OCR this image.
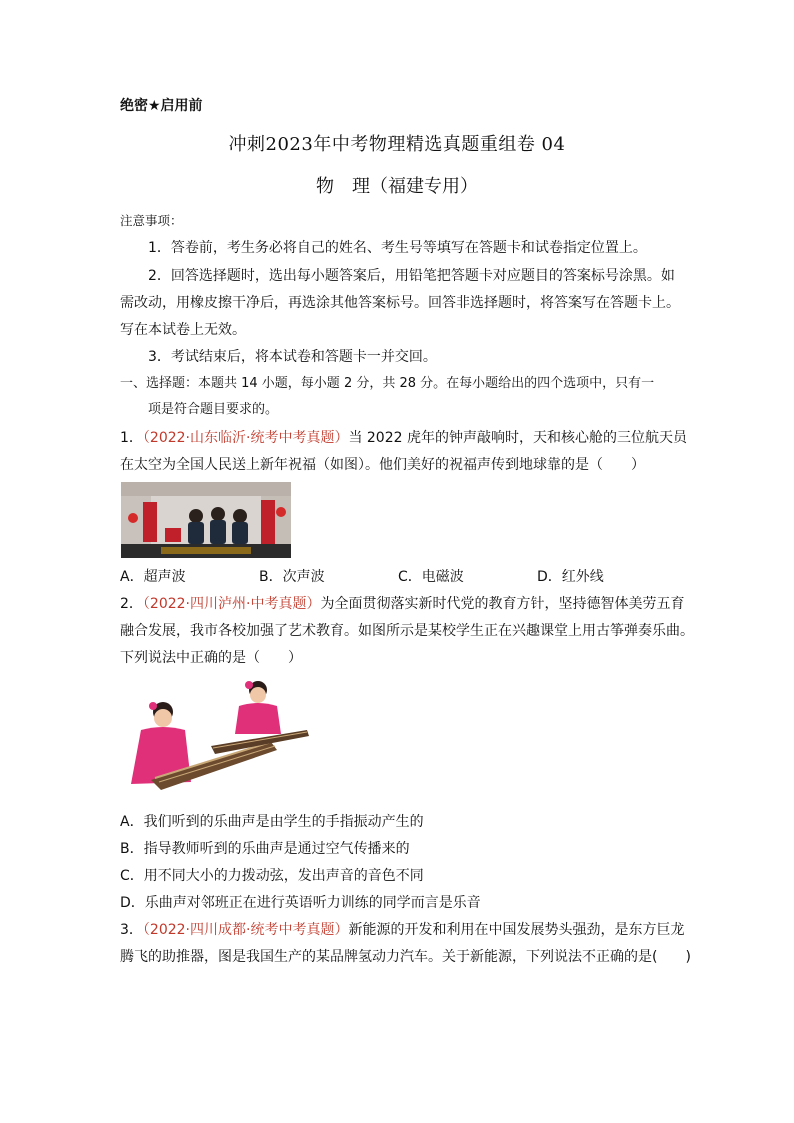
绝密★启用前
冲刺2023年中考物理精选真题重组卷 04
物　理（福建专用）
注意事项：
1．答卷前，考生务必将自己的姓名、考生号等填写在答题卡和试卷指定位置上。
2．回答选择题时，选出每小题答案后，用铅笔把答题卡对应题目的答案标号涂黑。如
需改动，用橡皮擦干净后，再选涂其他答案标号。回答非选择题时，将答案写在答题卡上。
写在本试卷上无效。
3．考试结束后，将本试卷和答题卡一并交回。
一、选择题：本题共 14 小题，每小题 2 分，共 28 分。在每小题给出的四个选项中，只有一
项是符合题目要求的。
1．（2022·山东临沂·统考中考真题）当 2022 虎年的钟声敲响时，天和核心舱的三位航天员
在太空为全国人民送上新年祝福（如图）。他们美好的祝福声传到地球靠的是（　　）
A．超声波	B．次声波	C．电磁波	D．红外线
2．（2022·四川泸州·中考真题）为全面贯彻落实新时代党的教育方针，坚持德智体美劳五育
融合发展，我市各校加强了艺术教育。如图所示是某校学生正在兴趣课堂上用古筝弹奏乐曲。
下列说法中正确的是（　　）
A．我们听到的乐曲声是由学生的手指振动产生的
B．指导教师听到的乐曲声是通过空气传播来的
C．用不同大小的力拨动弦，发出声音的音色不同
D．乐曲声对邻班正在进行英语听力训练的同学而言是乐音
3．（2022·四川成都·统考中考真题）新能源的开发和利用在中国发展势头强劲，是东方巨龙
腾飞的助推器，图是我国生产的某品牌氢动力汽车。关于新能源，下列说法不正确的是(　　)
